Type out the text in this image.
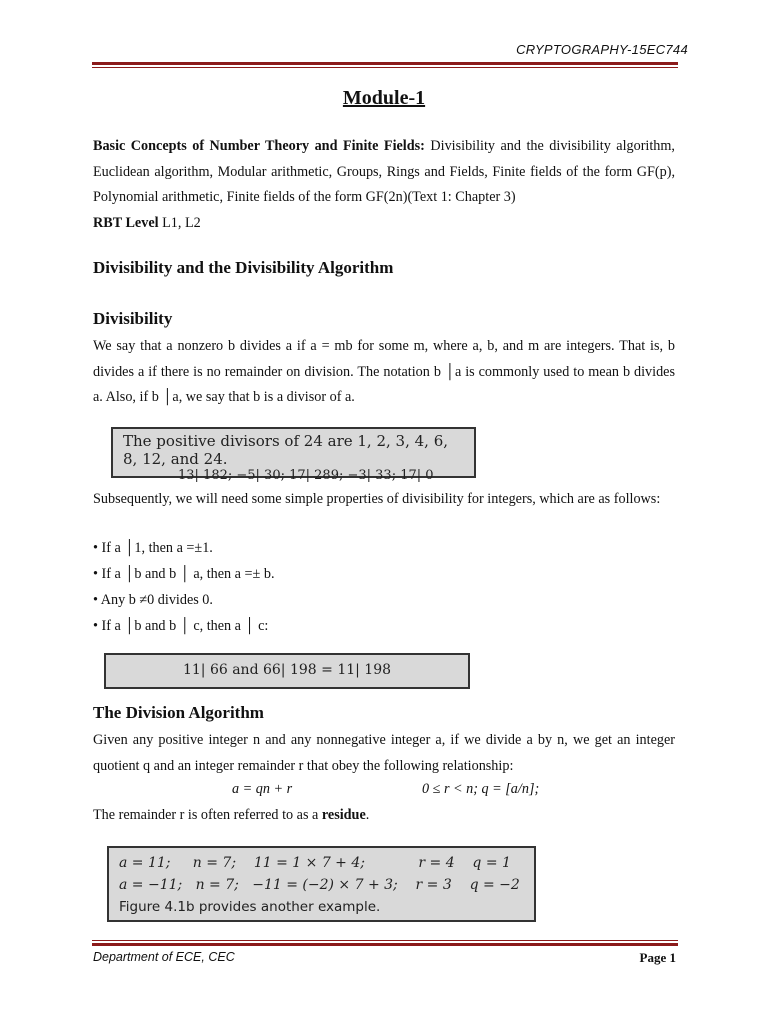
CRYPTOGRAPHY-15EC744
Module-1
Basic Concepts of Number Theory and Finite Fields: Divisibility and the divisibility algorithm, Euclidean algorithm, Modular arithmetic, Groups, Rings and Fields, Finite fields of the form GF(p), Polynomial arithmetic, Finite fields of the form GF(2n)(Text 1: Chapter 3)
RBT Level L1, L2
Divisibility and the Divisibility Algorithm
Divisibility
We say that a nonzero b divides a if a = mb for some m, where a, b, and m are integers. That is, b divides a if there is no remainder on division. The notation b │a is commonly used to mean b divides a. Also, if b │a, we say that b is a divisor of a.
The positive divisors of 24 are 1, 2, 3, 4, 6, 8, 12, and 24.
13| 182; −5| 30; 17| 289; −3| 33; 17| 0
Subsequently, we will need some simple properties of divisibility for integers, which are as follows:
• If a │1, then a =±1.
• If a │b and b │ a, then a =± b.
• Any b ≠0 divides 0.
• If a │b and b │ c, then a │ c:
11| 66 and 66| 198 = 11| 198
The Division Algorithm
Given any positive integer n and any nonnegative integer a, if we divide a by n, we get an integer quotient q and an integer remainder r that obey the following relationship:
a = qn + r	0 ≤ r < n; q = [a/n];
The remainder r is often referred to as a residue.
a = 11;     n = 7;    11 = 1 × 7 + 4;            r = 4    q = 1
a = −11;   n = 7;   −11 = (−2) × 7 + 3;    r = 3    q = −2
Figure 4.1b provides another example.
Department of ECE, CEC	Page 1
